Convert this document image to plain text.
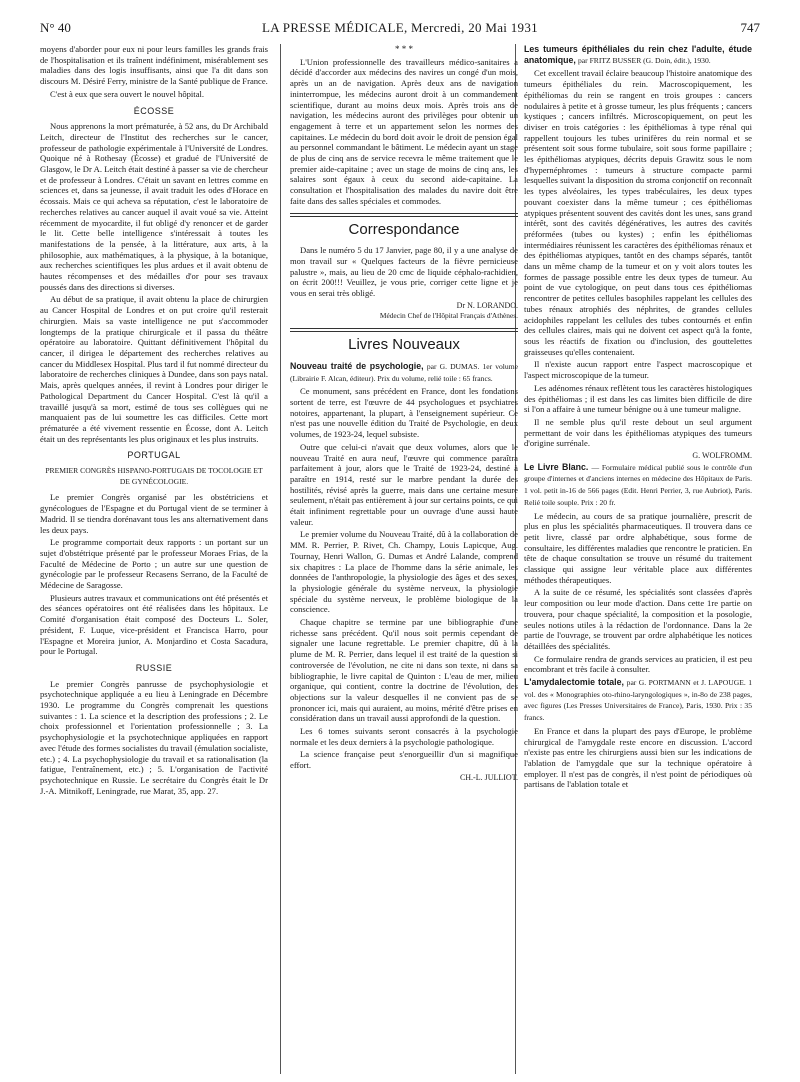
N° 40	LA PRESSE MÉDICALE, Mercredi, 20 Mai 1931	747

moyens d'aborder pour eux ni pour leurs familles les grands frais de l'hospitalisation et ils traînent indéfiniment, misérablement ses maladies dans des logis insuffisants, ainsi que l'a dit dans son discours M. Désiré Ferry, ministre de la Santé publique de France.

C'est à eux que sera ouvert le nouvel hôpital.

ÉCOSSE

Nous apprenons la mort prématurée, à 52 ans, du Dr Archibald Leitch, directeur de l'Institut des recherches sur le cancer, professeur de pathologie expérimentale à l'Université de Londres. Quoique né à Rothesay (Écosse) et gradué de l'Université de Glasgow, le Dr A. Leitch était destiné à passer sa vie de chercheur et de professeur à Londres. C'était un savant en lettres comme en sciences et, dans sa jeunesse, il avait traduit les odes d'Horace en écossais. Mais ce qui acheva sa réputation, c'est le laboratoire de recherches relatives au cancer auquel il avait voué sa vie. Atteint récemment de myocardite, il fut obligé d'y renoncer et de garder le lit. Cette belle intelligence s'intéressait à toutes les manifestations de la pensée, à la littérature, aux arts, à la philosophie, aux mathématiques, à la physique, à la botanique, aux recherches scientifiques les plus ardues et il avait obtenu de hautes récompenses et des médailles d'or pour ses travaux poussés dans des directions si diverses.

Au début de sa pratique, il avait obtenu la place de chirurgien au Cancer Hospital de Londres et on put croire qu'il resterait chirurgien. Mais sa vaste intelligence ne put s'accommoder longtemps de la pratique chirurgicale et il passa du théâtre opératoire au laboratoire. Quittant définitivement l'hôpital du cancer, il dirigea le département des recherches relatives au cancer du Middlesex Hospital. Plus tard il fut nommé directeur du laboratoire de recherches cliniques à Dundee, dans son pays natal. Mais, après quelques années, il revint à Londres pour diriger le Pathological Department du Cancer Hospital. C'est là qu'il a travaillé jusqu'à sa mort, estimé de tous ses collègues qui ne manquaient pas de lui soumettre les cas difficiles. Cette mort prématurée a été vivement ressentie en Écosse, dont A. Leitch était un des représentants les plus originaux et les plus instruits.

PORTUGAL
PREMIER CONGRÈS HISPANO-PORTUGAIS DE TOCOLOGIE ET DE GYNÉCOLOGIE.

Le premier Congrès organisé par les obstétriciens et gynécologues de l'Espagne et du Portugal vient de se terminer à Madrid. Il se tiendra dorénavant tous les ans alternativement dans les deux pays.

Le programme comportait deux rapports : un portant sur un sujet d'obstétrique présenté par le professeur Moraes Frias, de la Faculté de Médecine de Porto ; un autre sur une question de gynécologie par le professeur Recasens Serrano, de la Faculté de Médecine de Saragosse.

Plusieurs autres travaux et communications ont été présentés et des séances opératoires ont été réalisées dans les hôpitaux. Le Comité d'organisation était composé des Docteurs L. Soler, président, F. Luque, vice-président et Francisca Harro, pour l'Espagne et Moreira junior, A. Monjardino et Costa Sacadura, pour le Portugal.

RUSSIE

Le premier Congrès panrusse de psychophysiologie et psychotechnique appliquée a eu lieu à Leningrade en Décembre 1930. Le programme du Congrès comprenait les questions suivantes : 1. La science et la description des professions ; 2. Le choix professionnel et l'orientation professionnelle ; 3. La psychophysiologie et la psychotechnique appliquées en rapport avec l'étude des formes socialistes du travail (émulation socialiste, etc.) ; 4. La psychophysiologie du travail et sa rationalisation (la fatigue, l'entraînement, etc.) ; 5. L'organisation de l'activité psychotechnique en Russie. Le secrétaire du Congrès était le Dr J.-A. Mitnikoff, Leningrade, rue Marat, 35, app. 27.

* * *

L'Union professionnelle des travailleurs médico-sanitaires a décidé d'accorder aux médecins des navires un congé d'un mois, après un an de navigation. Après deux ans de navigation ininterrompue, les médecins auront droit à un commandement scientifique, durant au moins deux mois. Après trois ans de navigation, les médecins auront des privilèges pour obtenir un engagement à terre et un appartement selon les normes des capitaines. Le médecin du bord doit avoir le droit de pension égal au personnel commandant le bâtiment. Le médecin ayant un stage de plus de cinq ans de service recevra le même traitement que le premier aide-capitaine ; avec un stage de moins de cinq ans, les salaires sont égaux à ceux du second aide-capitaine. La consultation et l'hospitalisation des malades du navire doit être faite dans des salles spéciales et commodes.

Correspondance

Dans le numéro 5 du 17 Janvier, page 80, il y a une analyse de mon travail sur « Quelques facteurs de la fièvre pernicieuse palustre », mais, au lieu de 20 cmc de liquide céphalo-rachidien, on écrit 200!!! Veuillez, je vous prie, corriger cette ligne et je vous en serai très obligé.

Dr N. LORANDO.
Médecin Chef de l'Hôpital Français d'Athènes.
Livres Nouveaux

Nouveau traité de psychologie, par G. DUMAS. 1er volume (Librairie F. Alcan, éditeur). Prix du volume, relié toile : 65 francs.

Ce monument, sans précédent en France, dont les fondations sortent de terre, est l'œuvre de 44 psychologues et psychiatres notoires, appartenant, la plupart, à l'enseignement supérieur. Ce n'est pas une nouvelle édition du Traité de Psychologie, en deux volumes, de 1923-24, lequel subsiste.

Outre que celui-ci n'avait que deux volumes, alors que le nouveau Traité en aura neuf, l'œuvre qui commence paraîtra parfaitement à jour, alors que le Traité de 1923-24, destiné à paraître en 1914, resté sur le marbre pendant la durée des hostilités, révisé après la guerre, mais dans une certaine mesure seulement, n'était pas entièrement à jour sur certains points, ce qui était infiniment regrettable pour un ouvrage d'une aussi haute valeur.

Le premier volume du Nouveau Traité, dû à la collaboration de MM. R. Perrier, P. Rivet, Ch. Champy, Louis Lapicque, Aug. Tournay, Henri Wallon, G. Dumas et André Lalande, comprend six chapitres : La place de l'homme dans la série animale, les données de l'anthropologie, la physiologie des âges et des sexes, la physiologie générale du système nerveux, la physiologie spéciale du système nerveux, le problème biologique de la conscience.

Chaque chapitre se termine par une bibliographie d'une richesse sans précédent. Qu'il nous soit permis cependant de signaler une lacune regrettable. Le premier chapitre, dû à la plume de M. R. Perrier, dans lequel il est traité de la question si controversée de l'évolution, ne cite ni dans son texte, ni dans sa bibliographie, le livre capital de Quinton : L'eau de mer, milieu organique, qui contient, contre la doctrine de l'évolution, des objections sur la valeur desquelles il ne convient pas de se prononcer ici, mais qui auraient, au moins, mérité d'être prises en considération dans un travail aussi approfondi de la question.

Les 6 tomes suivants seront consacrés à la psychologie normale et les deux derniers à la psychologie pathologique.

La science française peut s'enorgueillir d'un si magnifique effort.

CH.-L. JULLIOT.

Les tumeurs épithéliales du rein chez l'adulte, étude anatomique, par FRITZ BUSSER (G. Doin, édit.), 1930.

Cet excellent travail éclaire beaucoup l'histoire anatomique des tumeurs épithéliales du rein. Macroscopiquement, les épithéliomas du rein se rangent en trois groupes : cancers nodulaires à petite et à grosse tumeur, les plus fréquents ; cancers kystiques ; cancers infiltrés. Microscopiquement, on peut les diviser en trois catégories : les épithéliomas à type rénal qui rappellent toujours les tubes urinifères du rein normal et se présentent soit sous forme tubulaire, soit sous forme papillaire ; les épithéliomas atypiques, décrits depuis Grawitz sous le nom d'hypernéphromes : tumeurs à structure compacte parmi lesquelles suivant la disposition du stroma conjonctif on reconnaît les types alvéolaires, les types trabéculaires, les deux types pouvant coexister dans la même tumeur ; ces épithéliomas atypiques présentent souvent des cavités dont les unes, sans grand intérêt, sont des cavités dégénératives, les autres des cavités préformées (tubes ou kystes) ; enfin les épithéliomas intermédiaires réunissent les caractères des épithéliomas rénaux et des épithéliomas atypiques, tantôt en des champs séparés, tantôt dans un même champ de la tumeur et on y voit alors toutes les formes de passage possible entre les deux types de tumeur. Au point de vue cytologique, on peut dans tous ces épithéliomas rencontrer de petites cellules basophiles rappelant les cellules des tubes rénaux atrophiés des néphrites, de grandes cellules acidophiles rappelant les cellules des tubes contournés et enfin des cellules claires, mais qui ne doivent cet aspect qu'à la fonte, sous les réactifs de fixation ou d'inclusion, des gouttelettes graisseuses qu'elles contenaient.

Il n'existe aucun rapport entre l'aspect macroscopique et l'aspect microscopique de la tumeur.

Les adénomes rénaux reflètent tous les caractères histologiques des épithéliomas ; il est dans les cas limites bien difficile de dire si l'on a affaire à une tumeur bénigne ou à une tumeur maligne.

Il ne semble plus qu'il reste debout un seul argument permettant de voir dans les épithéliomas atypiques des tumeurs d'origine surrénale.

G. WOLFROMM.

Le Livre Blanc. — Formulaire médical publié sous le contrôle d'un groupe d'internes et d'anciens internes en médecine des Hôpitaux de Paris. 1 vol. petit in-16 de 566 pages (Edit. Henri Perrier, 3, rue Aubriot), Paris. Relié toile souple. Prix : 20 fr.

Le médecin, au cours de sa pratique journalière, prescrit de plus en plus les spécialités pharmaceutiques. Il trouvera dans ce petit livre, classé par ordre alphabétique, sous forme de consultaire, les différentes maladies que rencontre le praticien. En tête de chaque consultation se trouve un résumé du traitement classique qui assigne leur véritable place aux différentes méthodes thérapeutiques.

A la suite de ce résumé, les spécialités sont classées d'après leur composition ou leur mode d'action. Dans cette 1re partie on trouvera, pour chaque spécialité, la composition et la posologie, seules notions utiles à la rédaction de l'ordonnance. Dans la 2e partie de l'ouvrage, se trouvent par ordre alphabétique les notices détaillées des spécialités.

Ce formulaire rendra de grands services au praticien, il est peu encombrant et très facile à consulter.

L'amydalectomie totale, par G. PORTMANN et J. LAPOUGE. 1 vol. des « Monographies oto-rhino-laryngologiques », in-8o de 238 pages, avec figures (Les Presses Universitaires de France), Paris, 1930. Prix : 35 francs.

En France et dans la plupart des pays d'Europe, le problème chirurgical de l'amygdale reste encore en discussion. L'accord n'existe pas entre les chirurgiens aussi bien sur les indications de l'ablation de l'amygdale que sur la technique opératoire à employer. Il n'est pas de congrès, il n'est point de périodiques où partisans de l'ablation totale et
